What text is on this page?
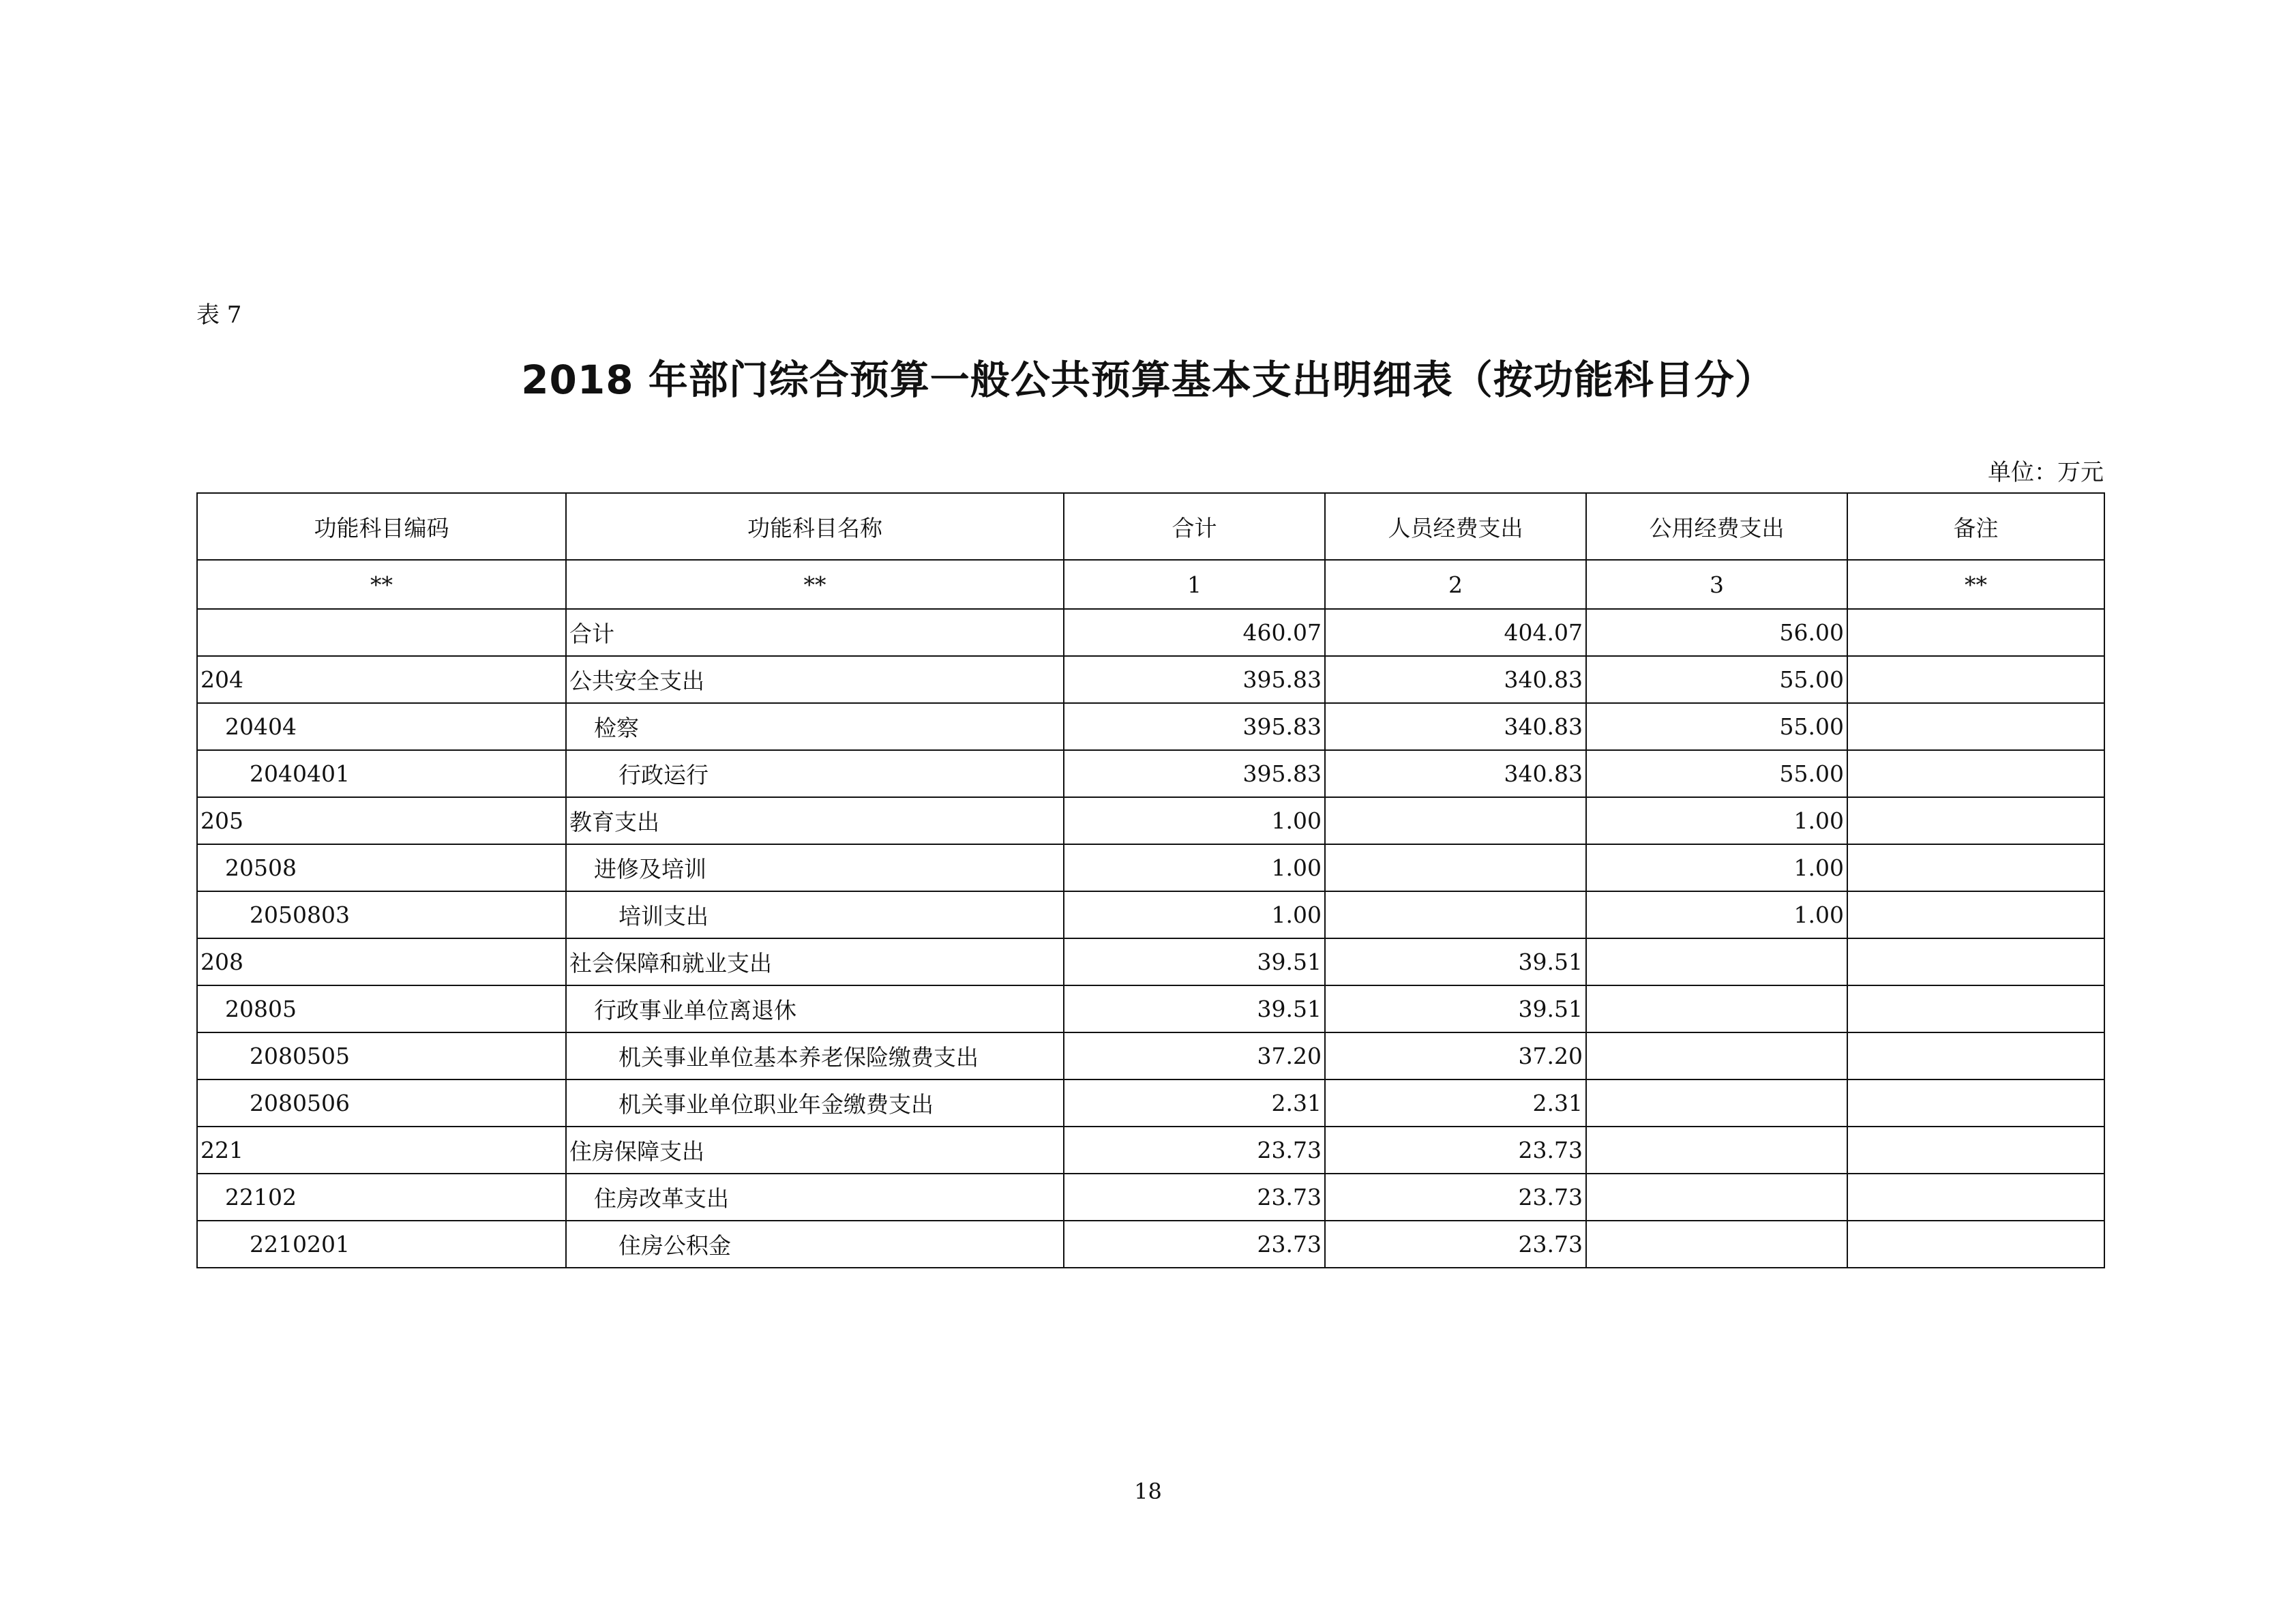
表 7
2018 年部门综合预算一般公共预算基本支出明细表（按功能科目分）
单位：万元
功能科目编码	功能科目名称	合计	人员经费支出	公用经费支出	备注
**	**	1	2	3	**
	合计	460.07	404.07	56.00	
204	公共安全支出	395.83	340.83	55.00	
20404	检察	395.83	340.83	55.00	
2040401	行政运行	395.83	340.83	55.00	
205	教育支出	1.00		1.00	
20508	进修及培训	1.00		1.00	
2050803	培训支出	1.00		1.00	
208	社会保障和就业支出	39.51	39.51		
20805	行政事业单位离退休	39.51	39.51		
2080505	机关事业单位基本养老保险缴费支出	37.20	37.20		
2080506	机关事业单位职业年金缴费支出	2.31	2.31		
221	住房保障支出	23.73	23.73		
22102	住房改革支出	23.73	23.73		
2210201	住房公积金	23.73	23.73		
18
